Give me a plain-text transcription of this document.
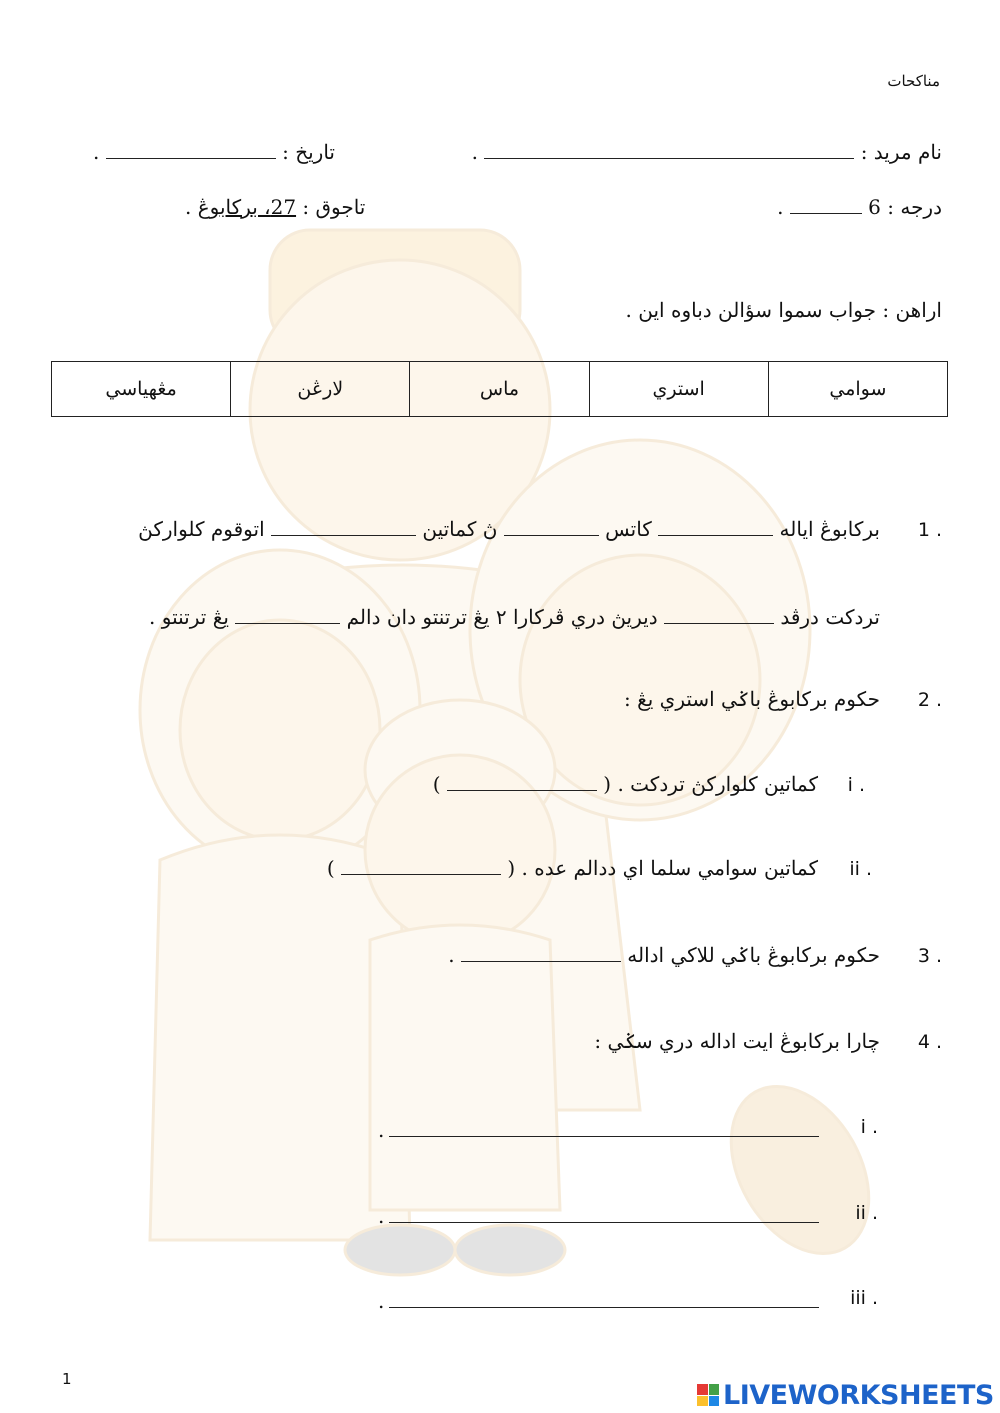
مناكحات
نام مريد :  .
تاريخ :  .
درجه : 6  .
تاجوق : 27، بركابوڠ .
اراهن : جواب سموا سؤالن دباوه اين .
مڠهياسي	لارڠن	ماس	استري	سوامي
1 .
بركابوڠ اياله  كاتس  ڽ كماتين  اتوقوم كلواركڽ
تردكت درڤد  ديريڽ دري ڤركارا ٢ يڠ ترتنتو دان دالم  يڠ ترتنتو .
2 .
حكوم بركابوڠ باݢي استري يڠ :
i .
كماتين كلواركڽ تردكت . (  )
ii .
كماتين سوامي سلما اي ددالم عده . (  )
3 .
حكوم بركابوڠ باݢي للاكي اداله  .
4 .
چارا بركابوڠ ايت اداله دري سݢي :
i .
.
ii .
.
iii .
.
1
LIVEWORKSHEETS
